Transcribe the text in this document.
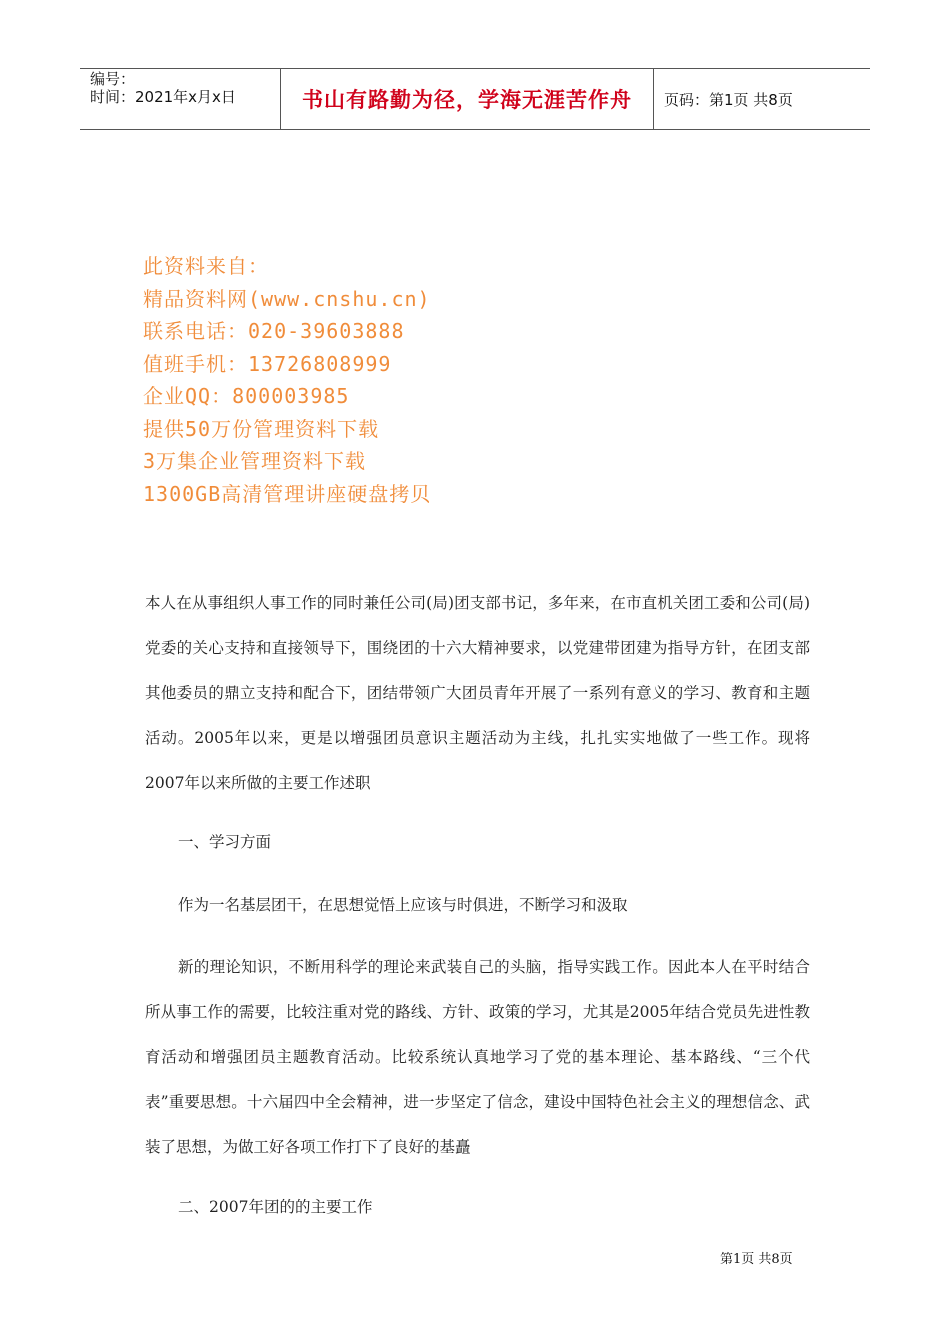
编号：
时间：2021年x月x日	书山有路勤为径，学海无涯苦作舟 页码：第1页 共8页
此资料来自：
精品资料网(www.cnshu.cn)
联系电话：020-39603888
值班手机：13726808999
企业QQ：800003985
提供50万份管理资料下载
3万集企业管理资料下载
1300GB高清管理讲座硬盘拷贝
本人在从事组织人事工作的同时兼任公司(局)团支部书记，多年来，在市直机关团工委和公司(局)党委的关心支持和直接领导下，围绕团的十六大精神要求，以党建带团建为指导方针，在团支部其他委员的鼎立支持和配合下，团结带领广大团员青年开展了一系列有意义的学习、教育和主题活动。2005年以来，更是以增强团员意识主题活动为主线，扎扎实实地做了一些工作。现将2007年以来所做的主要工作述职
一、学习方面
作为一名基层团干，在思想觉悟上应该与时俱进，不断学习和汲取
新的理论知识，不断用科学的理论来武装自己的头脑，指导实践工作。因此本人在平时结合所从事工作的需要，比较注重对党的路线、方针、政策的学习，尤其是2005年结合党员先进性教育活动和增强团员主题教育活动。比较系统认真地学习了党的基本理论、基本路线、“三个代表”重要思想。十六届四中全会精神，进一步坚定了信念，建设中国特色社会主义的理想信念、武装了思想，为做工好各项工作打下了良好的基矗
二、2007年团的的主要工作
第1页 共8页
